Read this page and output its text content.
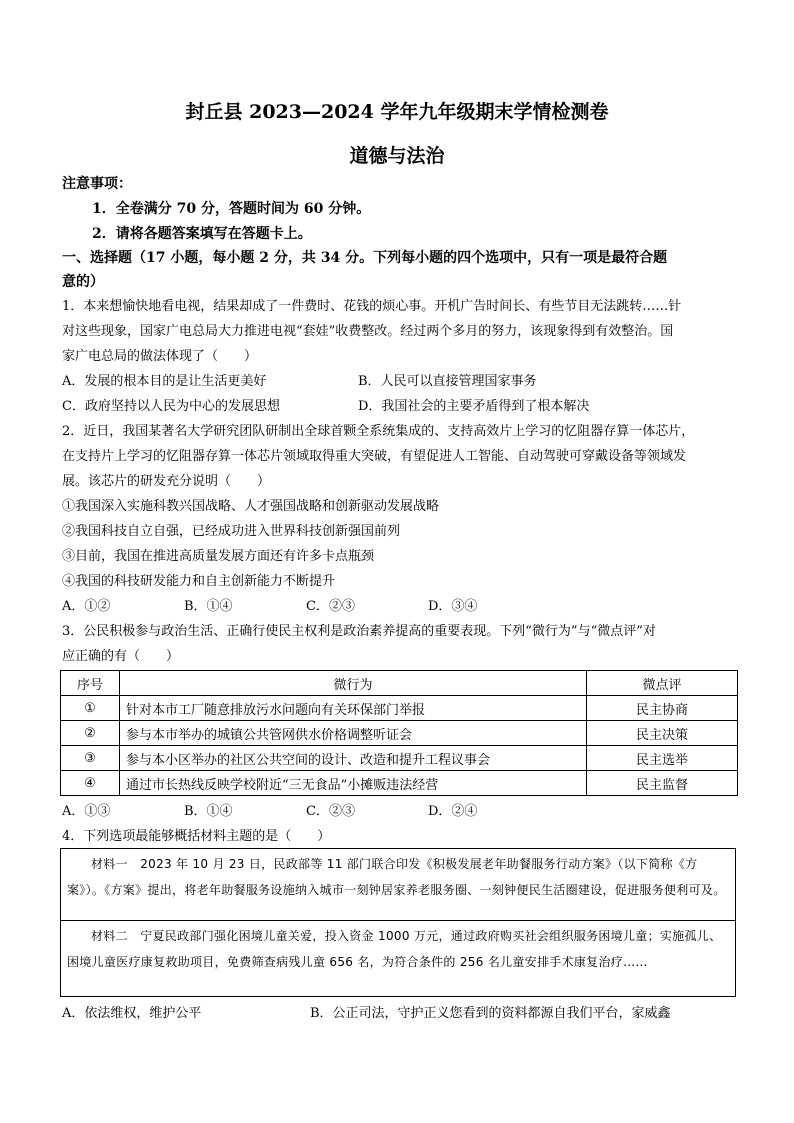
封丘县 2023—2024 学年九年级期末学情检测卷
道德与法治
注意事项：
1．全卷满分 70 分，答题时间为 60 分钟。
2．请将各题答案填写在答题卡上。
一、选择题（17 小题，每小题 2 分，共 34 分。下列每小题的四个选项中，只有一项是最符合题
意的）
1．本来想愉快地看电视，结果却成了一件费时、花钱的烦心事。开机广告时间长、有些节目无法跳转……针
对这些现象，国家广电总局大力推进电视“套娃”收费整改。经过两个多月的努力，该现象得到有效整治。国
家广电总局的做法体现了（　　）
A．发展的根本目的是让生活更美好	B．人民可以直接管理国家事务
C．政府坚持以人民为中心的发展思想	D．我国社会的主要矛盾得到了根本解决
2．近日，我国某著名大学研究团队研制出全球首颗全系统集成的、支持高效片上学习的忆阻器存算一体芯片，
在支持片上学习的忆阻器存算一体芯片领域取得重大突破，有望促进人工智能、自动驾驶可穿戴设备等领域发
展。该芯片的研发充分说明（　　）
①我国深入实施科教兴国战略、人才强国战略和创新驱动发展战略
②我国科技自立自强，已经成功进入世界科技创新强国前列
③目前，我国在推进高质量发展方面还有许多卡点瓶颈
④我国的科技研发能力和自主创新能力不断提升
A．①②	B．①④	C．②③	D．③④
3．公民积极参与政治生活、正确行使民主权利是政治素养提高的重要表现。下列“微行为”与“微点评”对
应正确的有（　　）
序号	微行为	微点评
①	针对本市工厂随意排放污水问题向有关环保部门举报	民主协商
②	参与本市举办的城镇公共管网供水价格调整听证会	民主决策
③	参与本小区举办的社区公共空间的设计、改造和提升工程议事会	民主选举
④	通过市长热线反映学校附近“三无食品”小摊贩违法经营	民主监督
A．①③	B．①④	C．②③	D．②④
4．下列选项最能够概括材料主题的是（　　）

材料一　2023 年 10 月 23 日，民政部等 11 部门联合印发《积极发展老年助餐服务行动方案》（以下简称《方案》）。《方案》提出，将老年助餐服务设施纳入城市一刻钟居家养老服务圈、一刻钟便民生活圈建设，促进服务便利可及。

材料二　宁夏民政部门强化困境儿童关爱，投入资金 1000 万元，通过政府购买社会组织服务困境儿童；实施孤儿、困境儿童医疗康复救助项目，免费筛查病残儿童 656 名，为符合条件的 256 名儿童安排手术康复治疗……

A．依法维权，维护公平	B．公正司法，守护正义您看到的资料都源自我们平台，家威鑫
